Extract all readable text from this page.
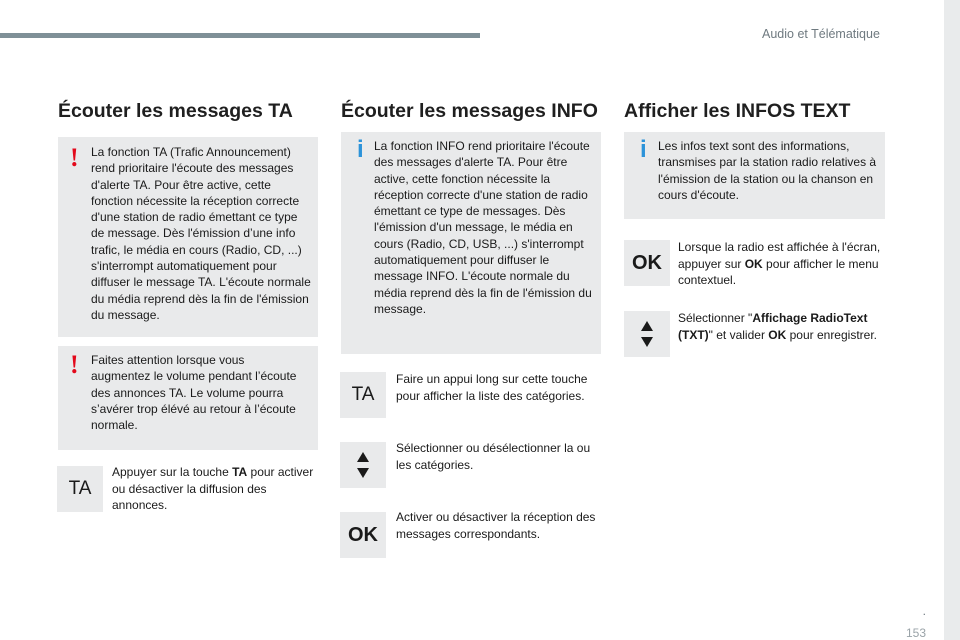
Audio et Télématique
Écouter les messages TA
! La fonction TA (Trafic Announcement) rend prioritaire l'écoute des messages d'alerte TA. Pour être active, cette fonction nécessite la réception correcte d'une station de radio émettant ce type de message. Dès l'émission d’une info trafic, le média en cours (Radio, CD, ...) s'interrompt automatiquement pour diffuser le message TA. L'écoute normale du média reprend dès la fin de l'émission du message.
! Faites attention lorsque vous augmentez le volume pendant l’écoute des annonces TA. Le volume pourra s’avérer trop élévé au retour à l’écoute normale.
TA
Appuyer sur la touche TA pour activer ou désactiver la diffusion des annonces.
Écouter les messages INFO
i La fonction INFO rend prioritaire l'écoute des messages d'alerte TA. Pour être active, cette fonction nécessite la réception correcte d'une station de radio émettant ce type de messages. Dès l'émission d'un message, le média en cours (Radio, CD, USB, ...) s'interrompt automatiquement pour diffuser le message INFO. L'écoute normale du média reprend dès la fin de l'émission du message.
TA
Faire un appui long sur cette touche pour afficher la liste des catégories.
Sélectionner ou désélectionner la ou les catégories.
OK
Activer ou désactiver la réception des messages correspondants.
Afficher les INFOS TEXT
i Les infos text sont des informations, transmises par la station radio relatives à l'émission de la station ou la chanson en cours d'écoute.
OK
Lorsque la radio est affichée à l'écran, appuyer sur OK pour afficher le menu contextuel.
Sélectionner "Affichage RadioText (TXT)" et valider OK pour enregistrer.
.
153
